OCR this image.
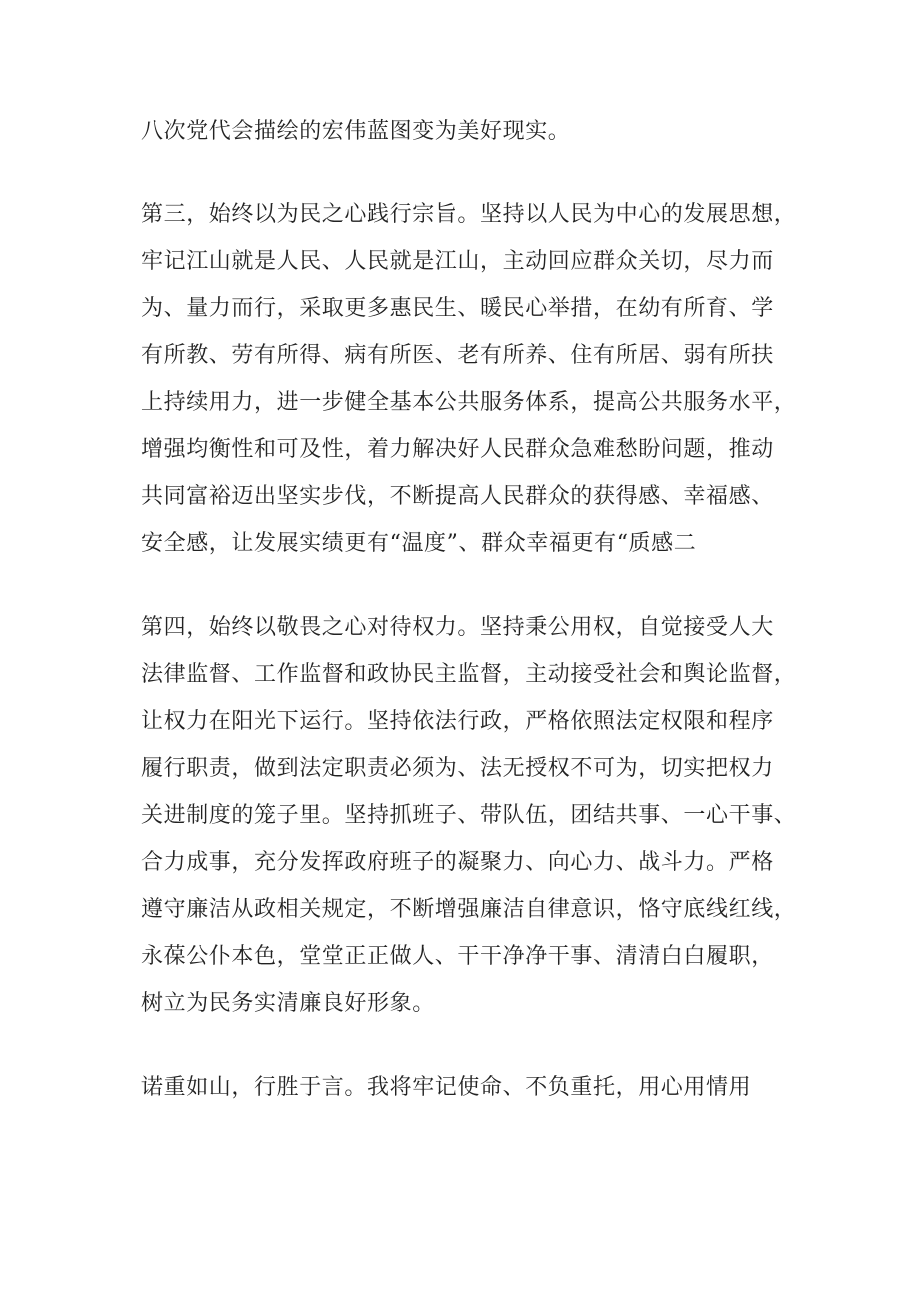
八次党代会描绘的宏伟蓝图变为美好现实。

第三，始终以为民之心践行宗旨。坚持以人民为中心的发展思想，

牢记江山就是人民、人民就是江山，主动回应群众关切，尽力而

为、量力而行，采取更多惠民生、暖民心举措，在幼有所育、学

有所教、劳有所得、病有所医、老有所养、住有所居、弱有所扶

上持续用力，进一步健全基本公共服务体系，提高公共服务水平，

增强均衡性和可及性，着力解决好人民群众急难愁盼问题，推动

共同富裕迈出坚实步伐，不断提高人民群众的获得感、幸福感、

安全感，让发展实绩更有“温度”、群众幸福更有“质感二

第四，始终以敬畏之心对待权力。坚持秉公用权，自觉接受人大

法律监督、工作监督和政协民主监督，主动接受社会和舆论监督，

让权力在阳光下运行。坚持依法行政，严格依照法定权限和程序

履行职责，做到法定职责必须为、法无授权不可为，切实把权力

关进制度的笼子里。坚持抓班子、带队伍，团结共事、一心干事、

合力成事，充分发挥政府班子的凝聚力、向心力、战斗力。严格

遵守廉洁从政相关规定，不断增强廉洁自律意识，恪守底线红线，

永葆公仆本色，堂堂正正做人、干干净净干事、清清白白履职，

树立为民务实清廉良好形象。

诺重如山，行胜于言。我将牢记使命、不负重托，用心用情用
